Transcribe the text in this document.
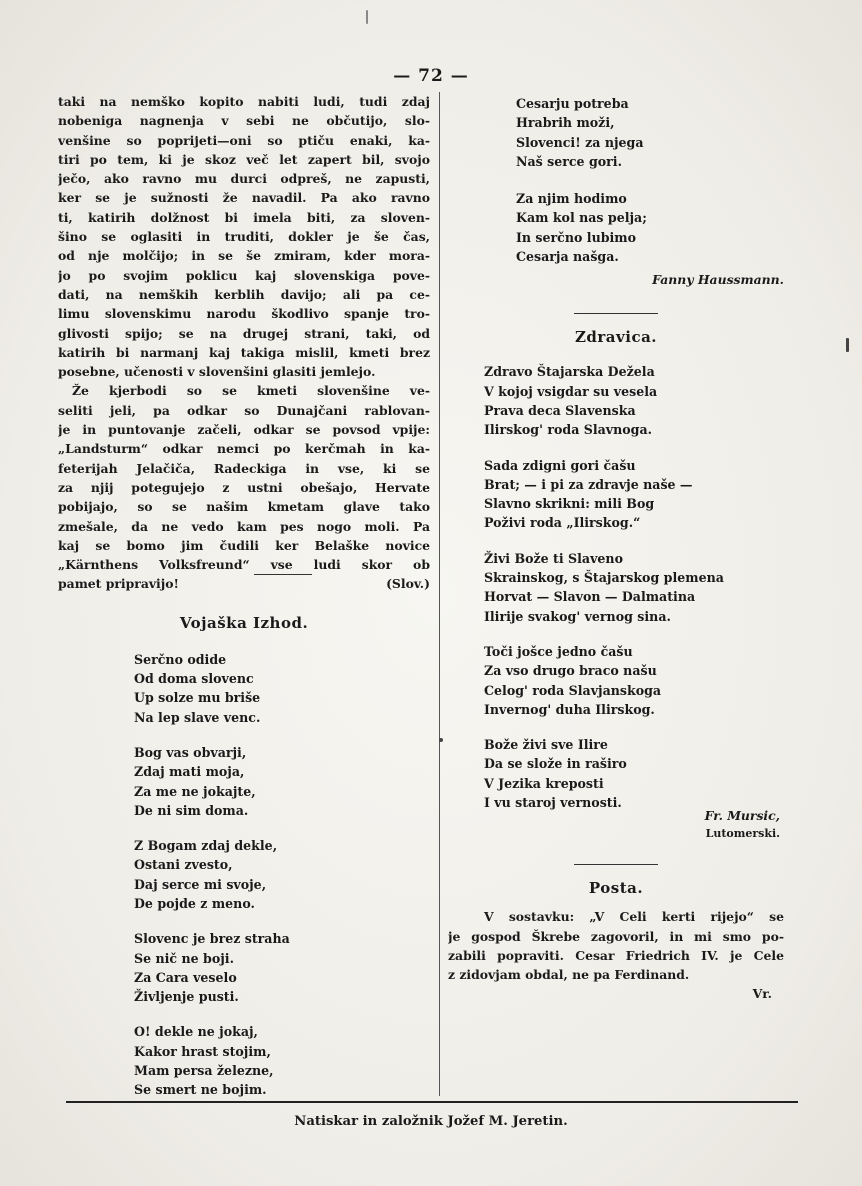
— 72 —
taki na nemško kopito nabiti ludi, tudi zdaj
nobeniga nagnenja v sebi ne občutijo, slo-
venšine so popriјeti—oni so ptiču enaki, ka-
tiri po tem, ki je skoz več let zapert bil, svojo
ječo, ako ravno mu durci odpreš, ne zapusti,
ker se je sužnosti že navadil. Pa ako ravno
ti, katirih dolžnost bi imela biti, za sloven-
šino se oglasiti in truditi, dokler je še čas,
od nje molčijo; in se še zmiram, kder mora-
jo po svojim poklicu kaj slovenskiga pove-
dati, na nemških kerblih davijo; ali pa ce-
limu slovenskimu narodu škodlivo spanje tro-
glivosti spijo; se na drugej strani, taki, od
katirih bi narmanj kaj takiga mislil, kmeti brez
posebne, učenosti v slovenšini glasiti jemlejo.
Že kjerbodi so se kmeti slovenšine ve-
seliti jeli, pa odkar so Dunajčani rablovan-
je in puntovanje začeli, odkar se povsod vpije:
„Landsturm“ odkar nemci po kerčmah in ka-
feterijah Jelačiča, Radeckiga in vse, ki se
za njij potegujejo z ustni obešajo, Hervate
pobijajo, so se našim kmetam glave tako
zmešale, da ne vedo kam pes nogo moli. Pa
kaj se bomo jim čudili ker Belaške novice
„Kärnthens Volksfreund“ vse ludi skor ob
pamet pripravijo!	(Slov.)
Vojaška Izhod.
Serčno odide
Od doma slovenc
Up solze mu briše
Na lep slave venc.
Bog vas obvarji,
Zdaj mati moja,
Za me ne jokajte,
De ni sim doma.
Z Bogam zdaj dekle,
Ostani zvesto,
Daj serce mi svoje,
De pojde z meno.
Slovenc je brez straha
Se nič ne boji.
Za Cara veselo
Življenje pusti.
O! dekle ne jokaj,
Kakor hrast stojim,
Mam persa železne,
Se smert ne bojim.
Cesarju potreba
Hrabrih moži,
Slovenci! za njega
Naš serce gori.
Za njim hodimo
Kam kol nas pelja;
In serčno lubimo
Cesarja našga.
Fanny Haussmann.
Zdravica.
Zdravo Štajarska Dežela
V kojoj vsigdar su vesela
Prava deca Slavenska
Ilirskog' roda Slavnoga.
Sada zdigni gori čašu
Brat; — i pi za zdravje naše —
Slavno skrikni: mili Bog
Poživi roda „Ilirskog.“
Živi Bože ti Slaveno
Skrainskog, s Štajarskog plemena
Horvat — Slavon — Dalmatina
Ilirije svakog' vernog sina.
Toči jošce jedno čašu
Za vso drugo braco našu
Celog' roda Slavjanskoga
Invernog' duha Ilirskog.
Bože živi sve Ilire
Da se slože in raširo
V Jezika kreposti
I vu staroj vernosti.
Fr. Mursic,
Lutomerski.
Posta.
V sostavku: „V Celi kerti rijejo“ se
je gospod Škrebe zagovoril, in mi smo po-
zabili popraviti. Cesar Friedrich IV. je Cele
z zidovjam obdal, ne pa Ferdinand.
Vr.
Natiskar in založnik Jožef M. Jeretin.
